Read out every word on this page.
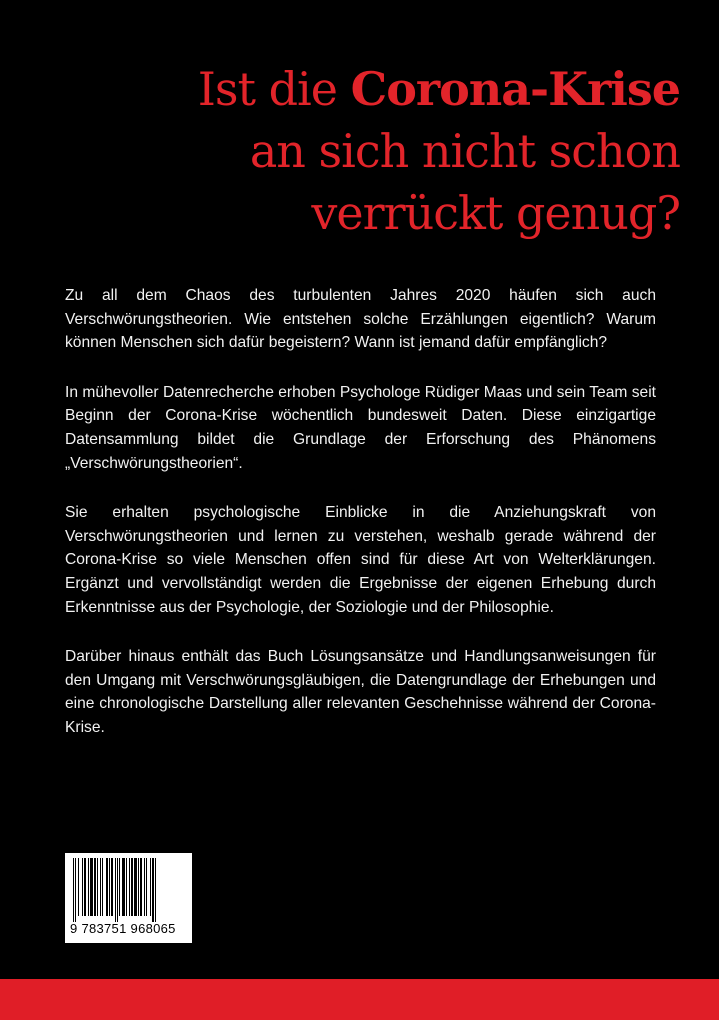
Ist die Corona-Krise
an sich nicht schon
verrückt genug?

Zu all dem Chaos des turbulenten Jahres 2020 häufen sich auch Verschwörungstheorien. Wie entstehen solche Erzählungen eigentlich? Warum können Menschen sich dafür begeistern? Wann ist jemand dafür empfänglich?

In mühevoller Datenrecherche erhoben Psychologe Rüdiger Maas und sein Team seit Beginn der Corona-Krise wöchentlich bundesweit Daten. Diese einzigartige Datensammlung bildet die Grundlage der Erforschung des Phänomens „Verschwörungstheorien“.

Sie erhalten psychologische Einblicke in die Anziehungskraft von Verschwörungstheorien und lernen zu verstehen, weshalb gerade während der Corona-Krise so viele Menschen offen sind für diese Art von Welterklärungen. Ergänzt und vervollständigt werden die Ergebnisse der eigenen Erhebung durch Erkenntnisse aus der Psychologie, der Soziologie und der Philosophie.

Darüber hinaus enthält das Buch Lösungsansätze und Handlungsanweisungen für den Umgang mit Verschwörungsgläubigen, die Datengrundlage der Erhebungen und eine chronologische Darstellung aller relevanten Geschehnisse während der Corona-Krise.

9 783751 968065
